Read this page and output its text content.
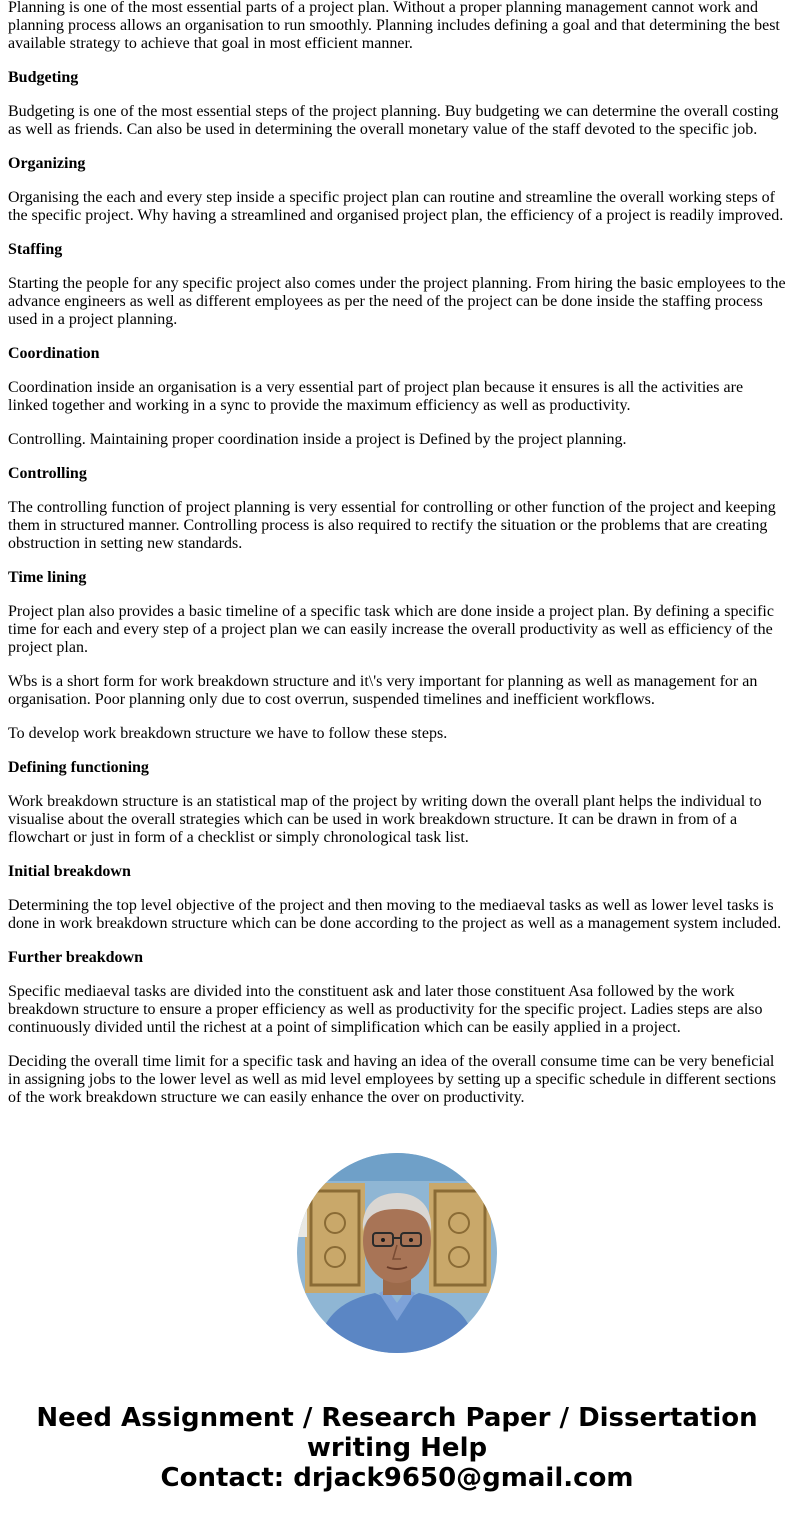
Planning is one of the most essential parts of a project plan. Without a proper planning management cannot work and planning process allows an organisation to run smoothly. Planning includes defining a goal and that determining the best available strategy to achieve that goal in most efficient manner.

Budgeting

Budgeting is one of the most essential steps of the project planning. Buy budgeting we can determine the overall costing as well as friends. Can also be used in determining the overall monetary value of the staff devoted to the specific job.

Organizing

Organising the each and every step inside a specific project plan can routine and streamline the overall working steps of the specific project. Why having a streamlined and organised project plan, the efficiency of a project is readily improved.

Staffing

Starting the people for any specific project also comes under the project planning. From hiring the basic employees to the advance engineers as well as different employees as per the need of the project can be done inside the staffing process used in a project planning.

Coordination

Coordination inside an organisation is a very essential part of project plan because it ensures is all the activities are linked together and working in a sync to provide the maximum efficiency as well as productivity.

Controlling. Maintaining proper coordination inside a project is Defined by the project planning.

Controlling

The controlling function of project planning is very essential for controlling or other function of the project and keeping them in structured manner. Controlling process is also required to rectify the situation or the problems that are creating obstruction in setting new standards.

Time lining

Project plan also provides a basic timeline of a specific task which are done inside a project plan. By defining a specific time for each and every step of a project plan we can easily increase the overall productivity as well as efficiency of the project plan.

Wbs is a short form for work breakdown structure and it\'s very important for planning as well as management for an organisation. Poor planning only due to cost overrun, suspended timelines and inefficient workflows.

To develop work breakdown structure we have to follow these steps.

Defining functioning

Work breakdown structure is an statistical map of the project by writing down the overall plant helps the individual to visualise about the overall strategies which can be used in work breakdown structure. It can be drawn in from of a flowchart or just in form of a checklist or simply chronological task list.

Initial breakdown

Determining the top level objective of the project and then moving to the mediaeval tasks as well as lower level tasks is done in work breakdown structure which can be done according to the project as well as a management system included.

Further breakdown

Specific mediaeval tasks are divided into the constituent ask and later those constituent Asa followed by the work breakdown structure to ensure a proper efficiency as well as productivity for the specific project. Ladies steps are also continuously divided until the richest at a point of simplification which can be easily applied in a project.

Deciding the overall time limit for a specific task and having an idea of the overall consume time can be very beneficial in assigning jobs to the lower level as well as mid level employees by setting up a specific schedule in different sections of the work breakdown structure we can easily enhance the over on productivity.

Need Assignment / Research Paper / Dissertation
writing Help
Contact: drjack9650@gmail.com
